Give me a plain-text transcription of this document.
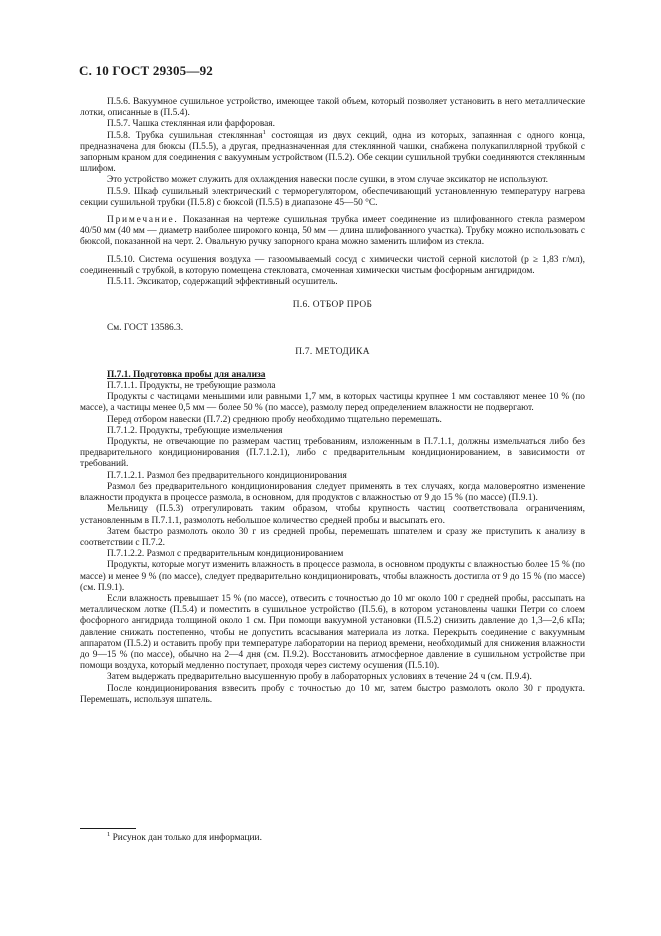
С. 10 ГОСТ 29305—92

П.5.6. Вакуумное сушильное устройство, имеющее такой объем, который позволяет установить в него металлические лотки, описанные в (П.5.4).

П.5.7. Чашка стеклянная или фарфоровая.

П.5.8. Трубка сушильная стеклянная$^1$ состоящая из двух секций, одна из которых, запаянная с одного конца, предназначена для бюксы (П.5.5), а другая, предназначенная для стеклянной чашки, снабжена полукапиллярной трубкой с запорным краном для соединения с вакуумным устройством (П.5.2). Обе секции сушильной трубки соединяются стеклянным шлифом.

Это устройство может служить для охлаждения навески после сушки, в этом случае эксикатор не используют.

П.5.9. Шкаф сушильный электрический с терморегулятором, обеспечивающий установленную температуру нагрева секции сушильной трубки (П.5.8) с бюксой (П.5.5) в диапазоне 45—50 °С.

Примечание. Показанная на чертеже сушильная трубка имеет соединение из шлифованного стекла размером 40/50 мм (40 мм — диаметр наиболее широкого конца, 50 мм — длина шлифованного участка). Трубку можно использовать с бюксой, показанной на черт. 2. Овальную ручку запорного крана можно заменить шлифом из стекла.

П.5.10. Система осушения воздуха — газоомываемый сосуд с химически чистой серной кислотой (р ≥ 1,83 г/мл), соединенный с трубкой, в которую помещена стекловата, смоченная химически чистым фосфорным ангидридом.

П.5.11. Эксикатор, содержащий эффективный осушитель.

П.6. ОТБОР ПРОБ

См. ГОСТ 13586.3.

П.7. МЕТОДИКА

П.7.1. Подготовка пробы для анализа

П.7.1.1. Продукты, не требующие размола

Продукты с частицами меньшими или равными 1,7 мм, в которых частицы крупнее 1 мм составляют менее 10 % (по массе), а частицы менее 0,5 мм — более 50 % (по массе), размолу перед определением влажности не подвергают.

Перед отбором навески (П.7.2) среднюю пробу необходимо тщательно перемешать.

П.7.1.2. Продукты, требующие измельчения

Продукты, не отвечающие по размерам частиц требованиям, изложенным в П.7.1.1, должны измельчаться либо без предварительного кондиционирования (П.7.1.2.1), либо с предварительным кондиционированием, в зависимости от требований.

П.7.1.2.1. Размол без предварительного кондиционирования

Размол без предварительного кондиционирования следует применять в тех случаях, когда маловероятно изменение влажности продукта в процессе размола, в основном, для продуктов с влажностью от 9 до 15 % (по массе) (П.9.1).

Мельницу (П.5.3) отрегулировать таким образом, чтобы крупность частиц соответствовала ограничениям, установленным в П.7.1.1, размолоть небольшое количество средней пробы и высыпать его.

Затем быстро размолоть около 30 г из средней пробы, перемешать шпателем и сразу же приступить к анализу в соответствии с П.7.2.

П.7.1.2.2. Размол с предварительным кондиционированием

Продукты, которые могут изменить влажность в процессе размола, в основном продукты с влажностью более 15 % (по массе) и менее 9 % (по массе), следует предварительно кондиционировать, чтобы влажность достигла от 9 до 15 % (по массе) (см. П.9.1).

Если влажность превышает 15 % (по массе), отвесить с точностью до 10 мг около 100 г средней пробы, рассыпать на металлическом лотке (П.5.4) и поместить в сушильное устройство (П.5.6), в котором установлены чашки Петри со слоем фосфорного ангидрида толщиной около 1 см. При помощи вакуумной установки (П.5.2) снизить давление до 1,3—2,6 кПа; давление снижать постепенно, чтобы не допустить всасывания материала из лотка. Перекрыть соединение с вакуумным аппаратом (П.5.2) и оставить пробу при температуре лаборатории на период времени, необходимый для снижения влажности до 9—15 % (по массе), обычно на 2—4 дня (см. П.9.2). Восстановить атмосферное давление в сушильном устройстве при помощи воздуха, который медленно поступает, проходя через систему осушения (П.5.10).

Затем выдержать предварительно высушенную пробу в лабораторных условиях в течение 24 ч (см. П.9.4).

После кондиционирования взвесить пробу с точностью до 10 мг, затем быстро размолоть около 30 г продукта. Перемешать, используя шпатель.

$^1$ Рисунок дан только для информации.
